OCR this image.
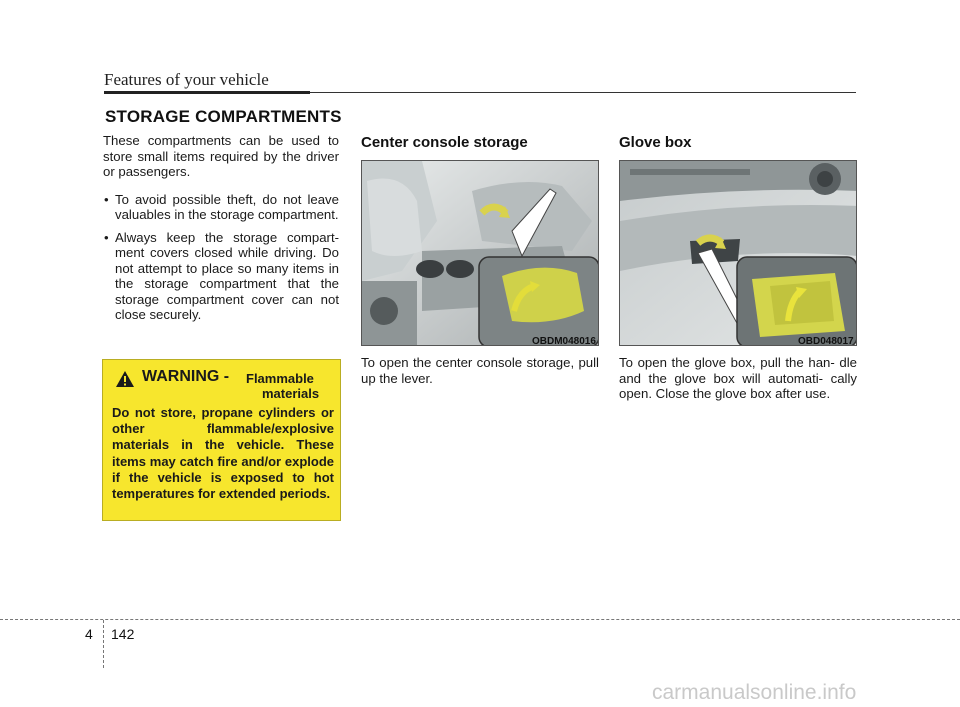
Features of your vehicle
STORAGE COMPARTMENTS

These compartments can be used to store small items required by the driver or passengers.

• To avoid possible theft, do not leave valuables in the storage compartment.
• Always keep the storage compart- ment covers closed while driving. Do not attempt to place so many items in the storage compartment that the storage compartment cover can not close securely.
WARNING - Flammable
materials
Do not store, propane cylinders or other flammable/explosive materials in the vehicle. These items may catch fire and/or explode if the vehicle is exposed to hot temperatures for extended periods.
Center console storage
OBDM048016
To open the center console storage, pull up the lever.
Glove box
OBD048017
To open the glove box, pull the han- dle and the glove box will automati- cally open. Close the glove box after use.
4 142
carmanualsonline.info
